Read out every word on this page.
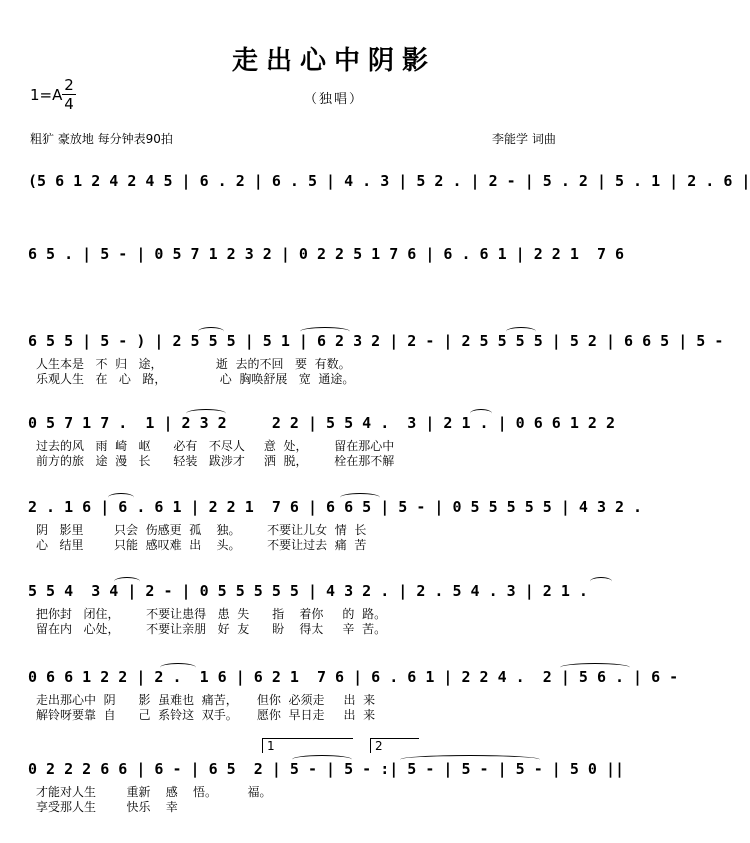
走出心中阴影
（独唱）
1=A
2
4
粗犷 豪放地 每分钟表90拍	李能学 词曲
(5 6 1 2 4 2 4 5 | 6 . 2 | 6 . 5 | 4 . 3 | 5 2 . | 2 - | 5 . 2 | 5 . 1 | 2 . 6 |
6 5 . | 5 - | 0 5 7 1 2 3 2 | 0 2 2 5 1 7 6 | 6 . 6 1 | 2 2 1  7 6
6 5 5 | 5 - ) | 2 5 5 5 | 5 1 | 6 2 3 2 | 2 - | 2 5 5 5 5 | 5 2 | 6 6 5 | 5 -
人生本是   不  归   途，              逝  去的不回   要  有数。
乐观人生   在   心   路，              心  胸唤舒展   宽  通途。
0 5 7 1 7 .  1 | 2 3 2     2 2 | 5 5 4 .  3 | 2 1 . | 0 6 6 1 2 2
过去的风   雨  崎   岖      必有   不尽人     意  处，       留在那心中
前方的旅   途  漫   长      轻装   跋涉才     洒  脱，       栓在那不解
2 . 1 6 | 6 . 6 1 | 2 2 1  7 6 | 6 6 5 | 5 - | 0 5 5 5 5 5 | 4 3 2 .
阴   影里        只会  伤感更  孤    独。       不要让儿女  情  长
心   结里        只能  感叹难  出    头。       不要让过去  痛  苦
5 5 4  3 4 | 2 - | 0 5 5 5 5 5 | 4 3 2 . | 2 . 5 4 . 3 | 2 1 .
把你封   闭住，       不要让患得   患  失      指    着你     的  路。
留在内   心处，       不要让亲朋   好  友      盼    得太     辛  苦。
0 6 6 1 2 2 | 2 .  1 6 | 6 2 1  7 6 | 6 . 6 1 | 2 2 4 .  2 | 5 6 . | 6 -
走出那心中  阴      影  虽难也  痛苦，     但你  必须走     出  来
解铃呀要靠  自      己  系铃这  双手。     愿你  早日走     出  来
1	2
0 2 2 2 6 6 | 6 - | 6 5  2 | 5 - | 5 - :| 5 - | 5 - | 5 - | 5 0 ||
才能对人生        重新    感    悟。        福。
享受那人生        快乐    幸
